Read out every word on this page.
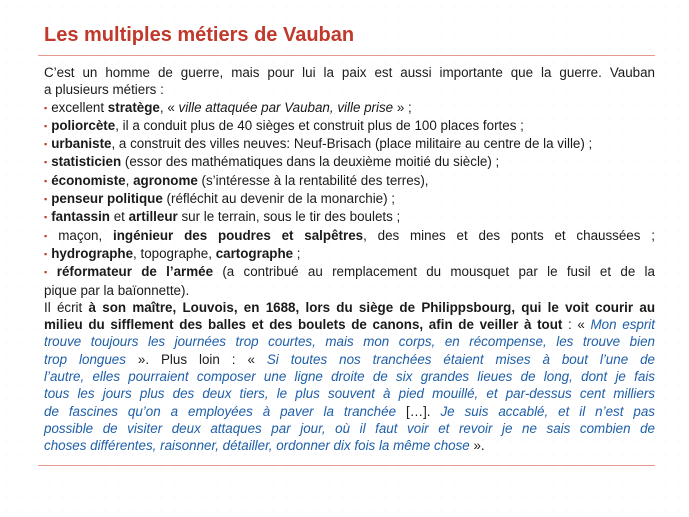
Les multiples métiers de Vauban

C’est un homme de guerre, mais pour lui la paix est aussi importante que la guerre. Vauban

a plusieurs métiers :

▪ excellent stratège, « ville attaquée par Vauban, ville prise » ;

▪ poliorcète, il a conduit plus de 40 sièges et construit plus de 100 places fortes ;

▪ urbaniste, a construit des villes neuves: Neuf-Brisach (place militaire au centre de la ville) ;

▪ statisticien (essor des mathématiques dans la deuxième moitié du siècle) ;

▪ économiste, agronome (s’intéresse à la rentabilité des terres),

▪ penseur politique (réfléchit au devenir de la monarchie) ;

▪ fantassin et artilleur sur le terrain, sous le tir des boulets ;

▪ maçon, ingénieur des poudres et salpêtres, des mines et des ponts et chaussées ;

▪ hydrographe, topographe, cartographe ;

▪ réformateur de l’armée (a contribué au remplacement du mousquet par le fusil et de la

pique par la baïonnette).

Il écrit à son maître, Louvois, en 1688, lors du siège de Philippsbourg, qui le voit courir au

milieu du sifflement des balles et des boulets de canons, afin de veiller à tout : « Mon esprit

trouve toujours les journées trop courtes, mais mon corps, en récompense, les trouve bien

trop longues ». Plus loin : « Si toutes nos tranchées étaient mises à bout l’une de

l’autre, elles pourraient composer une ligne droite de six grandes lieues de long, dont je fais

tous les jours plus des deux tiers, le plus souvent à pied mouillé, et par-dessus cent milliers

de fascines qu’on a employées à paver la tranchée […]. Je suis accablé, et il n’est pas

possible de visiter deux attaques par jour, où il faut voir et revoir je ne sais combien de

choses différentes, raisonner, détailler, ordonner dix fois la même chose ».
